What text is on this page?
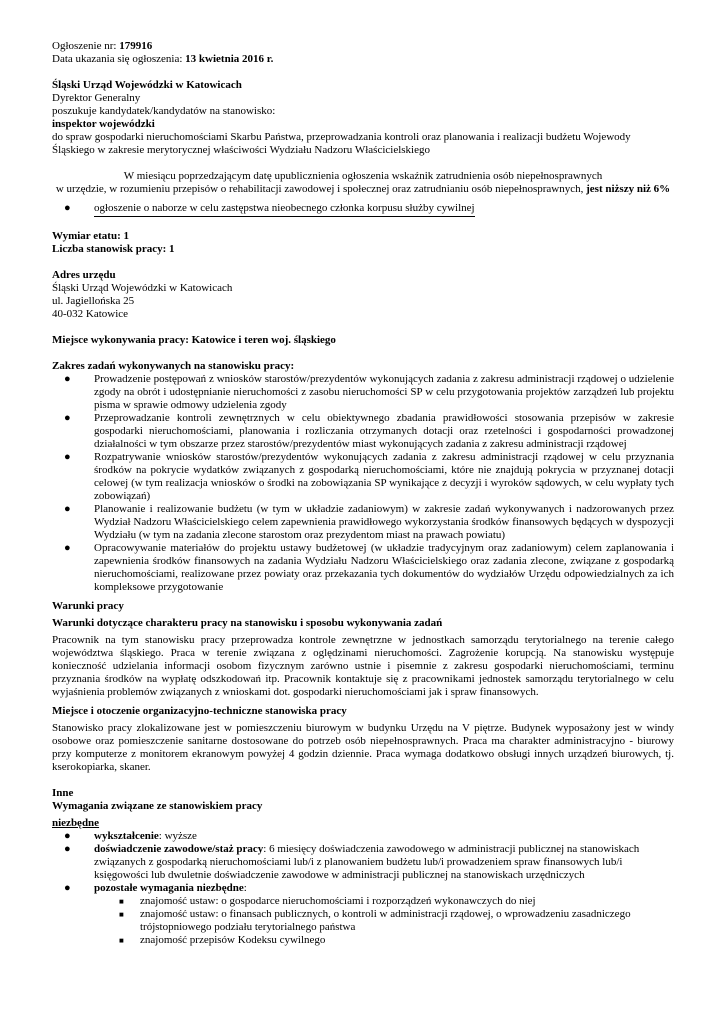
Ogłoszenie nr: 179916
Data ukazania się ogłoszenia: 13 kwietnia 2016 r.
Śląski Urząd Wojewódzki w Katowicach
Dyrektor Generalny
poszukuje kandydatek/kandydatów na stanowisko:
inspektor wojewódzki
do spraw gospodarki nieruchomościami Skarbu Państwa, przeprowadzania kontroli oraz planowania i realizacji budżetu Wojewody
Śląskiego w zakresie merytorycznej właściwości Wydziału Nadzoru Właścicielskiego
W miesiącu poprzedzającym datę upublicznienia ogłoszenia wskaźnik zatrudnienia osób niepełnosprawnych
w urzędzie, w rozumieniu przepisów o rehabilitacji zawodowej i społecznej oraz zatrudnianiu osób niepełnosprawnych, jest niższy niż 6%
● ogłoszenie o naborze w celu zastępstwa nieobecnego członka korpusu służby cywilnej
Wymiar etatu: 1
Liczba stanowisk pracy: 1
Adres urzędu
Śląski Urząd Wojewódzki w Katowicach
ul. Jagiellońska 25
40-032 Katowice
Miejsce wykonywania pracy: Katowice i teren woj. śląskiego
Zakres zadań wykonywanych na stanowisku pracy:
● Prowadzenie postępowań z wniosków starostów/prezydentów wykonujących zadania z zakresu administracji rządowej o udzielenie zgody na obrót i udostępnianie nieruchomości z zasobu nieruchomości SP w celu przygotowania projektów zarządzeń lub projektu pisma w sprawie odmowy udzielenia zgody
● Przeprowadzanie kontroli zewnętrznych w celu obiektywnego zbadania prawidłowości stosowania przepisów w zakresie gospodarki nieruchomościami, planowania i rozliczania otrzymanych dotacji oraz rzetelności i gospodarności prowadzonej działalności w tym obszarze przez starostów/prezydentów miast wykonujących zadania z zakresu administracji rządowej
● Rozpatrywanie wniosków starostów/prezydentów wykonujących zadania z zakresu administracji rządowej w celu przyznania środków na pokrycie wydatków związanych z gospodarką nieruchomościami, które nie znajdują pokrycia w przyznanej dotacji celowej (w tym realizacja wniosków o środki na zobowiązania SP wynikające z decyzji i wyroków sądowych, w celu wypłaty tych zobowiązań)
● Planowanie i realizowanie budżetu (w tym w układzie zadaniowym) w zakresie zadań wykonywanych i nadzorowanych przez Wydział Nadzoru Właścicielskiego celem zapewnienia prawidłowego wykorzystania środków finansowych będących w dyspozycji Wydziału (w tym na zadania zlecone starostom oraz prezydentom miast na prawach powiatu)
● Opracowywanie materiałów do projektu ustawy budżetowej (w układzie tradycyjnym oraz zadaniowym) celem zaplanowania i zapewnienia środków finansowych na zadania Wydziału Nadzoru Właścicielskiego oraz zadania zlecone, związane z gospodarką nieruchomościami, realizowane przez powiaty oraz przekazania tych dokumentów do wydziałów Urzędu odpowiedzialnych za ich kompleksowe przygotowanie
Warunki pracy
Warunki dotyczące charakteru pracy na stanowisku i sposobu wykonywania zadań
Pracownik na tym stanowisku pracy przeprowadza kontrole zewnętrzne w jednostkach samorządu terytorialnego na terenie całego województwa śląskiego. Praca w terenie związana z oględzinami nieruchomości. Zagrożenie korupcją. Na stanowisku występuje konieczność udzielania informacji osobom fizycznym zarówno ustnie i pisemnie z zakresu gospodarki nieruchomościami, terminu przyznania środków na wypłatę odszkodowań itp. Pracownik kontaktuje się z pracownikami jednostek samorządu terytorialnego w celu wyjaśnienia problemów związanych z wnioskami dot. gospodarki nieruchomościami jak i spraw finansowych.
Miejsce i otoczenie organizacyjno-techniczne stanowiska pracy
Stanowisko pracy zlokalizowane jest w pomieszczeniu biurowym w budynku Urzędu na V piętrze. Budynek wyposażony jest w windy osobowe oraz pomieszczenie sanitarne dostosowane do potrzeb osób niepełnosprawnych. Praca ma charakter administracyjno - biurowy przy komputerze z monitorem ekranowym powyżej 4 godzin dziennie. Praca wymaga dodatkowo obsługi innych urządzeń biurowych, tj. kserokopiarka, skaner.
Inne
Wymagania związane ze stanowiskiem pracy
niezbędne
● wykształcenie: wyższe
● doświadczenie zawodowe/staż pracy: 6 miesięcy doświadczenia zawodowego w administracji publicznej na stanowiskach związanych z gospodarką nieruchomościami lub/i z planowaniem budżetu lub/i prowadzeniem spraw finansowych lub/i księgowości lub dwuletnie doświadczenie zawodowe w administracji publicznej na stanowiskach urzędniczych
● pozostałe wymagania niezbędne:
■ znajomość ustaw: o gospodarce nieruchomościami i rozporządzeń wykonawczych do niej
■ znajomość ustaw: o finansach publicznych, o kontroli w administracji rządowej, o wprowadzeniu zasadniczego trójstopniowego podziału terytorialnego państwa
■ znajomość przepisów Kodeksu cywilnego
